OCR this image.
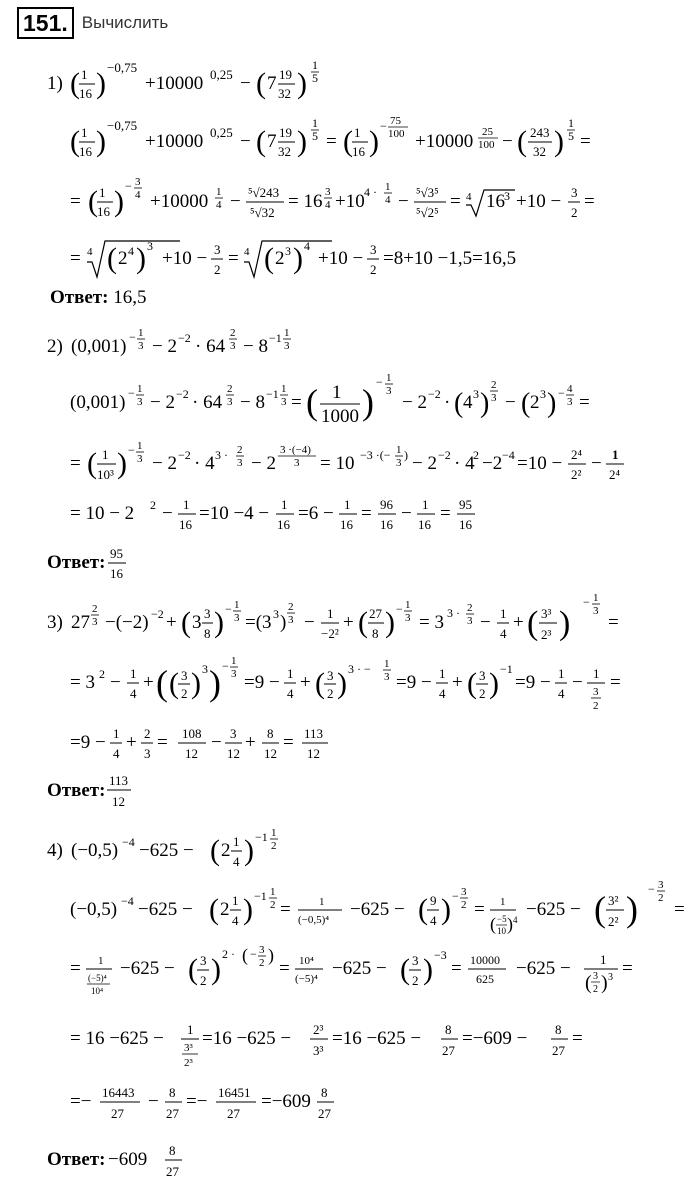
151. Вычислить
1) ( 1
16 ) −0,75
+10000 0,25 − ( 7 19
32 )
1
5
( 1
16 ) −0,75
+10000 0,25 − ( 7 19
32 )
1
5 = ( 1
16 ) − 75
100 +10000 25
100 − ( 243
32 )
1
5 =
= ( 1
16 ) − 3
4 +10000 1
4 − ⁵√243
⁵√32
= 16 3
4 +10 4 · 1
4 − ⁵√3⁵
⁵√2⁵
= 4 16 3 +10 − 3
2
=
= 4 ( 2 4 ) 3
+10 − 3
2
= 4 ( 2 3 ) 4
+10 − 3
2
=8+10 −1,5=16,5
Ответ: 16,5
2) (0,001) − 1
3 − 2 −2 · 64
2
3 − 8 −1 1
3
(0,001) − 1
3 − 2 −2 · 64
2
3 − 8 −1 1
3 = ( 1
1000 ) − 1
3
− 2 −2 · ( 4 3 )
2
3 − ( 2 3 ) − 4
3 =
= ( 1
10³ ) − 1
3 − 2 −2 · 4 3 · 2
3 − 2
3 ·(−4)
3 = 10 −3 ·(− 1
3
) − 2 −2 · 4
2 −2 −4 =10 − 2⁴
2²
− 1
2⁴
= 10 − 2 2 − 1
16
=10 −4 − 1
16
=6 − 1
16
= 96
16
− 1
16
= 95
16
Ответ: 95
16
3) 27
2
3 −(−2) −2 + ( 3 3
8 ) − 1
3 =(3 3 )
2
3 − 1
−2²
+ ( 27
8 ) − 1
3 = 3 3 · 2
3 − 1
4
+ ( 3³
2³ )
− 1
3
=
= 3 2 − 1
4
+ ( ( 3
2 ) 3 ) − 1
3 =9 − 1
4
+ ( 3
2 ) 3 · − 1
3 =9 − 1
4
+ ( 3
2 ) −1
=9 − 1
4
− 1
3
2
=
=9 − 1
4
+ 2
3
= 108
12
− 3
12
+ 8
12
= 113
12
Ответ: 113
12
4) (−0,5) −4 −625 − ( 2 1
4 ) −1 1
2
(−0,5) −4 −625 − ( 2 1
4 ) −1 1
2 =	1
(−0,5)⁴ −625 − ( 9
4 ) − 3
2 = 1
( −5
10 ) 4 −625 − ( 3²
2² ) − 3
2
=
= 1
(−5)⁴
10⁴
−625 − ( 3
2 ) 2 · ( − 3
2 )
= 10⁴
(−5)⁴ −625 − ( 3
2 ) −3
= 10000
625 −625 − 1
( 3
2 ) 3 =
= 16 −625 − 1
3³
2³
=16 −625 − 2³
3³
=16 −625 − 8
27
=−609 − 8
27
=
=− 16443
27
− 8
27
=− 16451
27
=−609 8
27
Ответ: −609 8
27
